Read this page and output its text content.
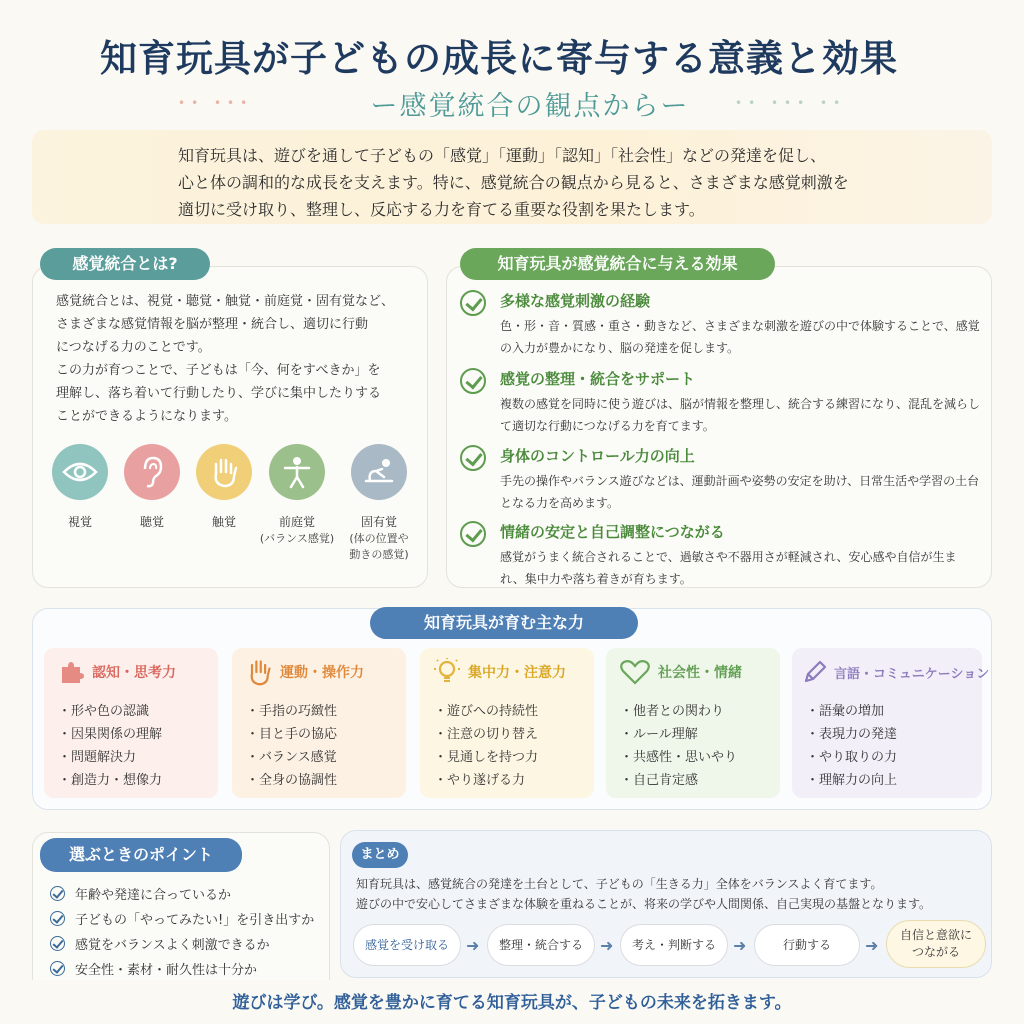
知育玩具が子どもの成長に寄与する意義と効果
•• •••	ー感覚統合の観点からー	•• ••• ••
知育玩具は、遊びを通して子どもの「感覚」「運動」「認知」「社会性」などの発達を促し、
心と体の調和的な成長を支えます。特に、感覚統合の観点から見ると、さまざまな感覚刺激を
適切に受け取り、整理し、反応する力を育てる重要な役割を果たします。
感覚統合とは?
感覚統合とは、視覚・聴覚・触覚・前庭覚・固有覚など、
さまざまな感覚情報を脳が整理・統合し、適切に行動
につなげる力のことです。
この力が育つことで、子どもは「今、何をすべきか」を
理解し、落ち着いて行動したり、学びに集中したりする
ことができるようになります。
視覚	聴覚	触覚	前庭覚
(バランス感覚)
固有覚
(体の位置や
動きの感覚)
知育玩具が感覚統合に与える効果
多様な感覚刺激の経験
色・形・音・質感・重さ・動きなど、さまざまな刺激を遊びの中で体験することで、感覚の入力が豊かになり、脳の発達を促します。
感覚の整理・統合をサポート
複数の感覚を同時に使う遊びは、脳が情報を整理し、統合する練習になり、混乱を減らして適切な行動につなげる力を育てます。
身体のコントロール力の向上
手先の操作やバランス遊びなどは、運動計画や姿勢の安定を助け、日常生活や学習の土台となる力を高めます。
情緒の安定と自己調整につながる
感覚がうまく統合されることで、過敏さや不器用さが軽減され、安心感や自信が生まれ、集中力や落ち着きが育ちます。
知育玩具が育む主な力
認知・思考力
・ 形や色の認識
・ 因果関係の理解
・ 問題解決力
・ 創造力・想像力
運動・操作力
・ 手指の巧緻性
・ 目と手の協応
・ バランス感覚
・ 全身の協調性
集中力・注意力
・ 遊びへの持続性
・ 注意の切り替え
・ 見通しを持つ力
・ やり遂げる力
社会性・情緒
・ 他者との関わり
・ ルール理解
・ 共感性・思いやり
・ 自己肯定感
言語・コミュニケーション
・ 語彙の増加
・ 表現力の発達
・ やり取りの力
・ 理解力の向上
選ぶときのポイント
年齢や発達に合っているか
子どもの「やってみたい!」を引き出すか
感覚をバランスよく刺激できるか
安全性・素材・耐久性は十分か
まとめ
知育玩具は、感覚統合の発達を土台として、子どもの「生きる力」全体をバランスよく育てます。
遊びの中で安心してさまざまな体験を重ねることが、将来の学びや人間関係、自己実現の基盤となります。
感覚を受け取る	➜	整理・統合する	➜	考え・判断する	➜	行動する	➜
自信と意欲に
つながる
遊びは学び。感覚を豊かに育てる知育玩具が、子どもの未来を拓きます。
